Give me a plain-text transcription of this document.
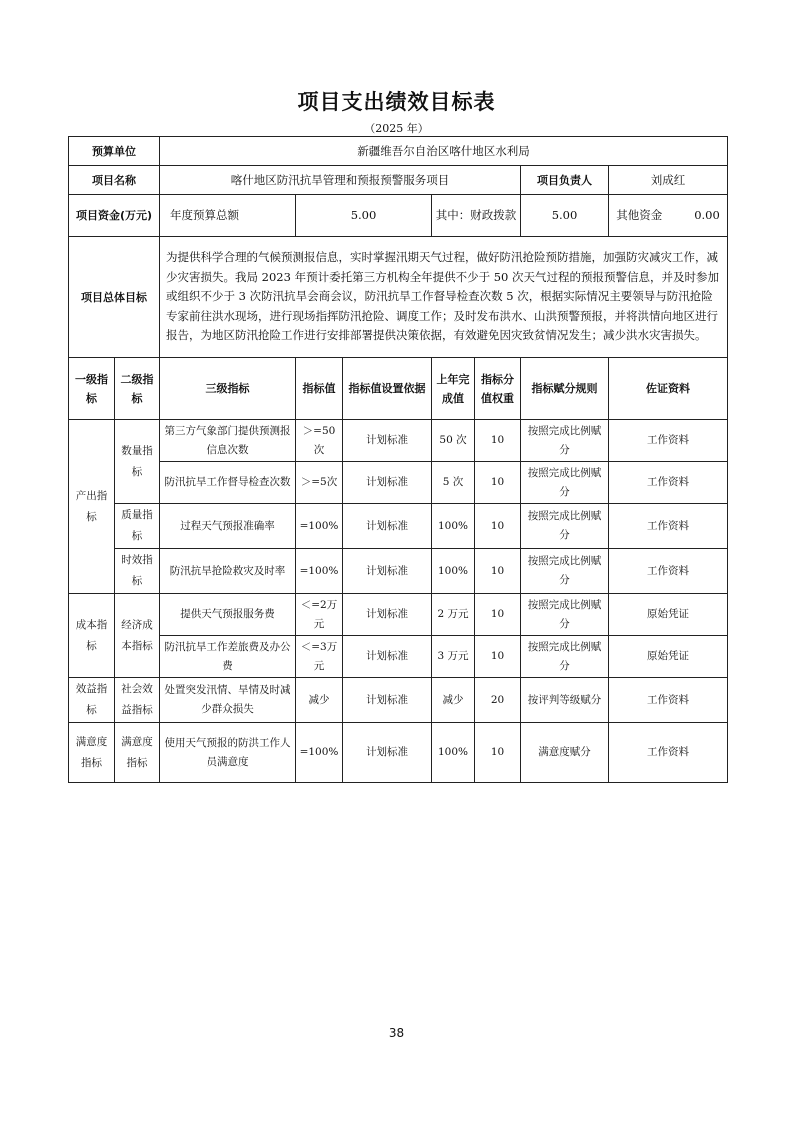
项目支出绩效目标表
（2025 年）
预算单位		新疆维吾尔自治区喀什地区水利局						
项目名称		喀什地区防汛抗旱管理和预报预警服务项目					项目负责人	刘成红
项目资金(万元)		年度预算总额	5.00		其中：财政拨款		5.00	其他资金 0.00
项目总体目标		为提供科学合理的气候预测报信息，实时掌握汛期天气过程，做好防汛抢险预防措施，加强防灾减灾工作，减少灾害损失。我局 2023 年预计委托第三方机构全年提供不少于 50 次天气过程的预报预警信息，并及时参加或组织不少于 3 次防汛抗旱会商会议，防汛抗旱工作督导检查次数 5 次，根据实际情况主要领导与防汛抢险专家前往洪水现场，进行现场指挥防汛抢险、调度工作；及时发布洪水、山洪预警预报，并将洪情向地区进行报告，为地区防汛抢险工作进行安排部署提供决策依据，有效避免因灾致贫情况发生；减少洪水灾害损失。						
一级指标	二级指标	三级指标	指标值	指标值设置依据	上年完成值	指标分值权重	指标赋分规则	佐证资料
产出指标	数量指标	第三方气象部门提供预测报信息次数	＞=50次	计划标准	50 次	10	按照完成比例赋分	工作资料
		防汛抗旱工作督导检查次数	＞=5次	计划标准	5 次	10	按照完成比例赋分	工作资料
	质量指标	过程天气预报准确率	=100%	计划标准	100%	10	按照完成比例赋分	工作资料
	时效指标	防汛抗旱抢险救灾及时率	=100%	计划标准	100%	10	按照完成比例赋分	工作资料
成本指标	经济成本指标	提供天气预报服务费	＜=2万元	计划标准	2 万元	10	按照完成比例赋分	原始凭证
		防汛抗旱工作差旅费及办公费	＜=3万元	计划标准	3 万元	10	按照完成比例赋分	原始凭证
效益指标	社会效益指标	处置突发汛情、旱情及时减少群众损失	减少	计划标准	减少	20	按评判等级赋分	工作资料
满意度指标	满意度指标	使用天气预报的防洪工作人员满意度	=100%	计划标准	100%	10	满意度赋分	工作资料
38
